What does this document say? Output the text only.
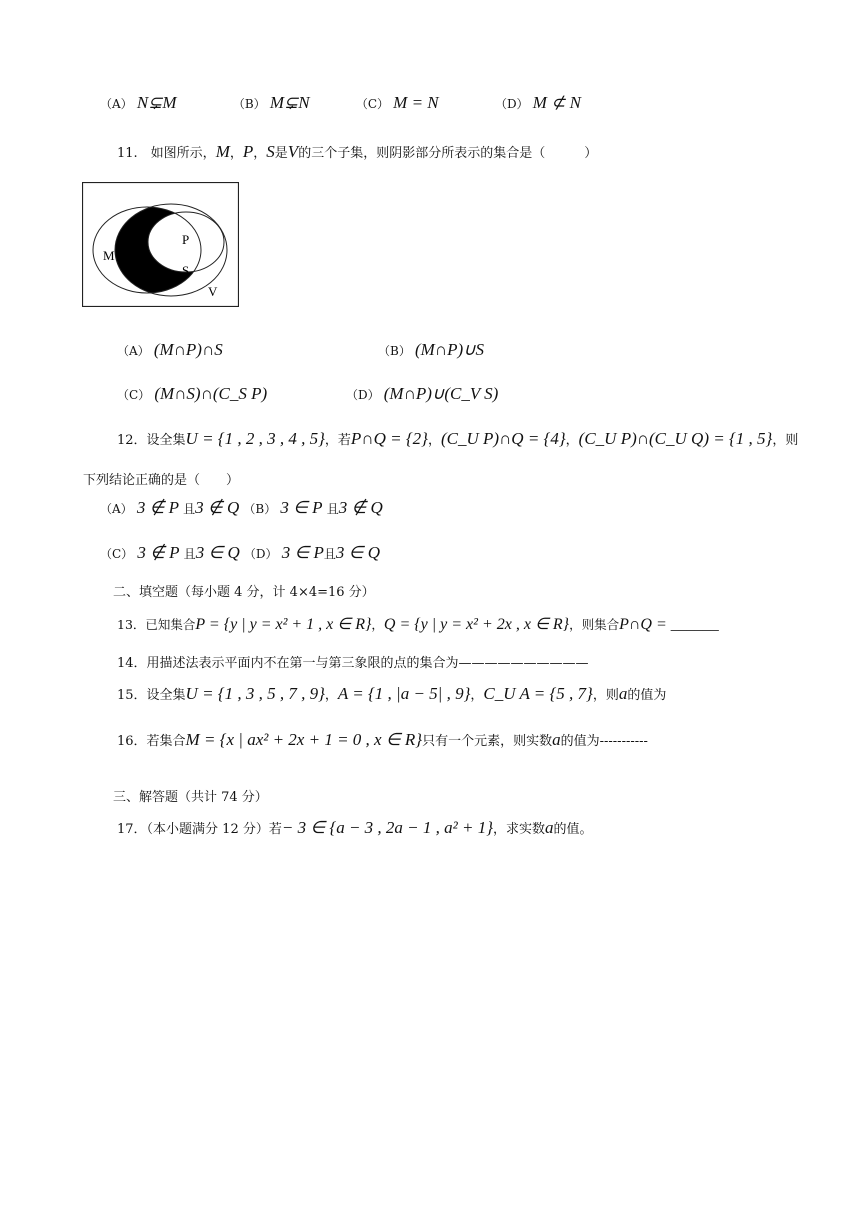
（A） N⊊M	（B） M⊊N	（C） M = N	（D） M ⊄ N
11.　如图所示，M，P，S是V的三个子集，则阴影部分所表示的集合是（　　　）
M
P
S
V
（A） (M∩P)∩S	（B） (M∩P)∪S
（C） (M∩S)∩(C_S P)	（D） (M∩P)∪(C_V S)
12．设全集U = {1 , 2 , 3 , 4 , 5}，若P∩Q = {2}，(C_U P)∩Q = {4}，(C_U P)∩(C_U Q) = {1 , 5}，则
下列结论正确的是（　　）
（A） 3 ∉ P 且3 ∉ Q （B） 3 ∈ P 且3 ∉ Q
（C） 3 ∉ P 且3 ∈ Q （D） 3 ∈ P且3 ∈ Q
二、填空题（每小题 4 分，计 4×4=16 分）
13．已知集合P = {y | y = x² + 1 , x ∈ R}，Q = {y | y = x² + 2x , x ∈ R}，则集合P∩Q = ______
14．用描述法表示平面内不在第一与第三象限的点的集合为——————————
15．设全集U = {1 , 3 , 5 , 7 , 9}，A = {1 , |a − 5| , 9}，C_U A = {5 , 7}，则a的值为
16．若集合M = {x | ax² + 2x + 1 = 0 , x ∈ R}只有一个元素，则实数a的值为-----------
三、解答题（共计 74 分）
17．（本小题满分 12 分）若− 3 ∈ {a − 3 , 2a − 1 , a² + 1}，求实数a的值。
